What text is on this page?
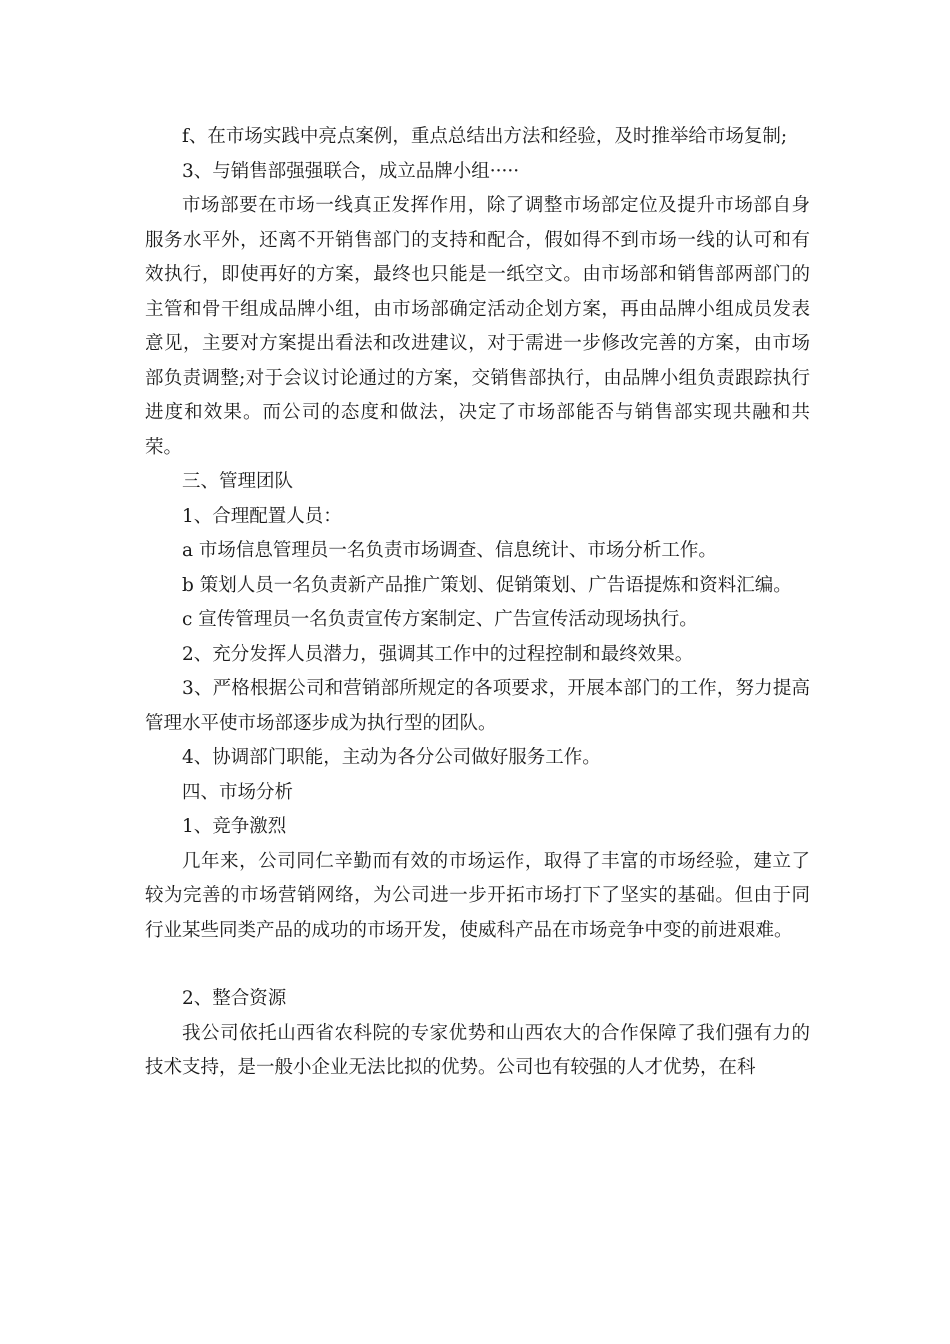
f、在市场实践中亮点案例，重点总结出方法和经验，及时推举给市场复制;

3、与销售部强强联合，成立品牌小组·····

市场部要在市场一线真正发挥作用，除了调整市场部定位及提升市场部自身服务水平外，还离不开销售部门的支持和配合，假如得不到市场一线的认可和有效执行，即使再好的方案，最终也只能是一纸空文。由市场部和销售部两部门的主管和骨干组成品牌小组，由市场部确定活动企划方案，再由品牌小组成员发表意见，主要对方案提出看法和改进建议，对于需进一步修改完善的方案，由市场部负责调整;对于会议讨论通过的方案，交销售部执行，由品牌小组负责跟踪执行进度和效果。而公司的态度和做法，决定了市场部能否与销售部实现共融和共荣。

三、管理团队

1、合理配置人员：

a 市场信息管理员一名负责市场调查、信息统计、市场分析工作。

b 策划人员一名负责新产品推广策划、促销策划、广告语提炼和资料汇编。

c 宣传管理员一名负责宣传方案制定、广告宣传活动现场执行。

2、充分发挥人员潜力，强调其工作中的过程控制和最终效果。

3、严格根据公司和营销部所规定的各项要求，开展本部门的工作，努力提高管理水平使市场部逐步成为执行型的团队。

4、协调部门职能，主动为各分公司做好服务工作。

四、市场分析

1、竞争激烈

几年来，公司同仁辛勤而有效的市场运作，取得了丰富的市场经验，建立了较为完善的市场营销网络，为公司进一步开拓市场打下了坚实的基础。但由于同行业某些同类产品的成功的市场开发，使威科产品在市场竞争中变的前进艰难。

2、整合资源

我公司依托山西省农科院的专家优势和山西农大的合作保障了我们强有力的技术支持，是一般小企业无法比拟的优势。公司也有较强的人才优势，在科
